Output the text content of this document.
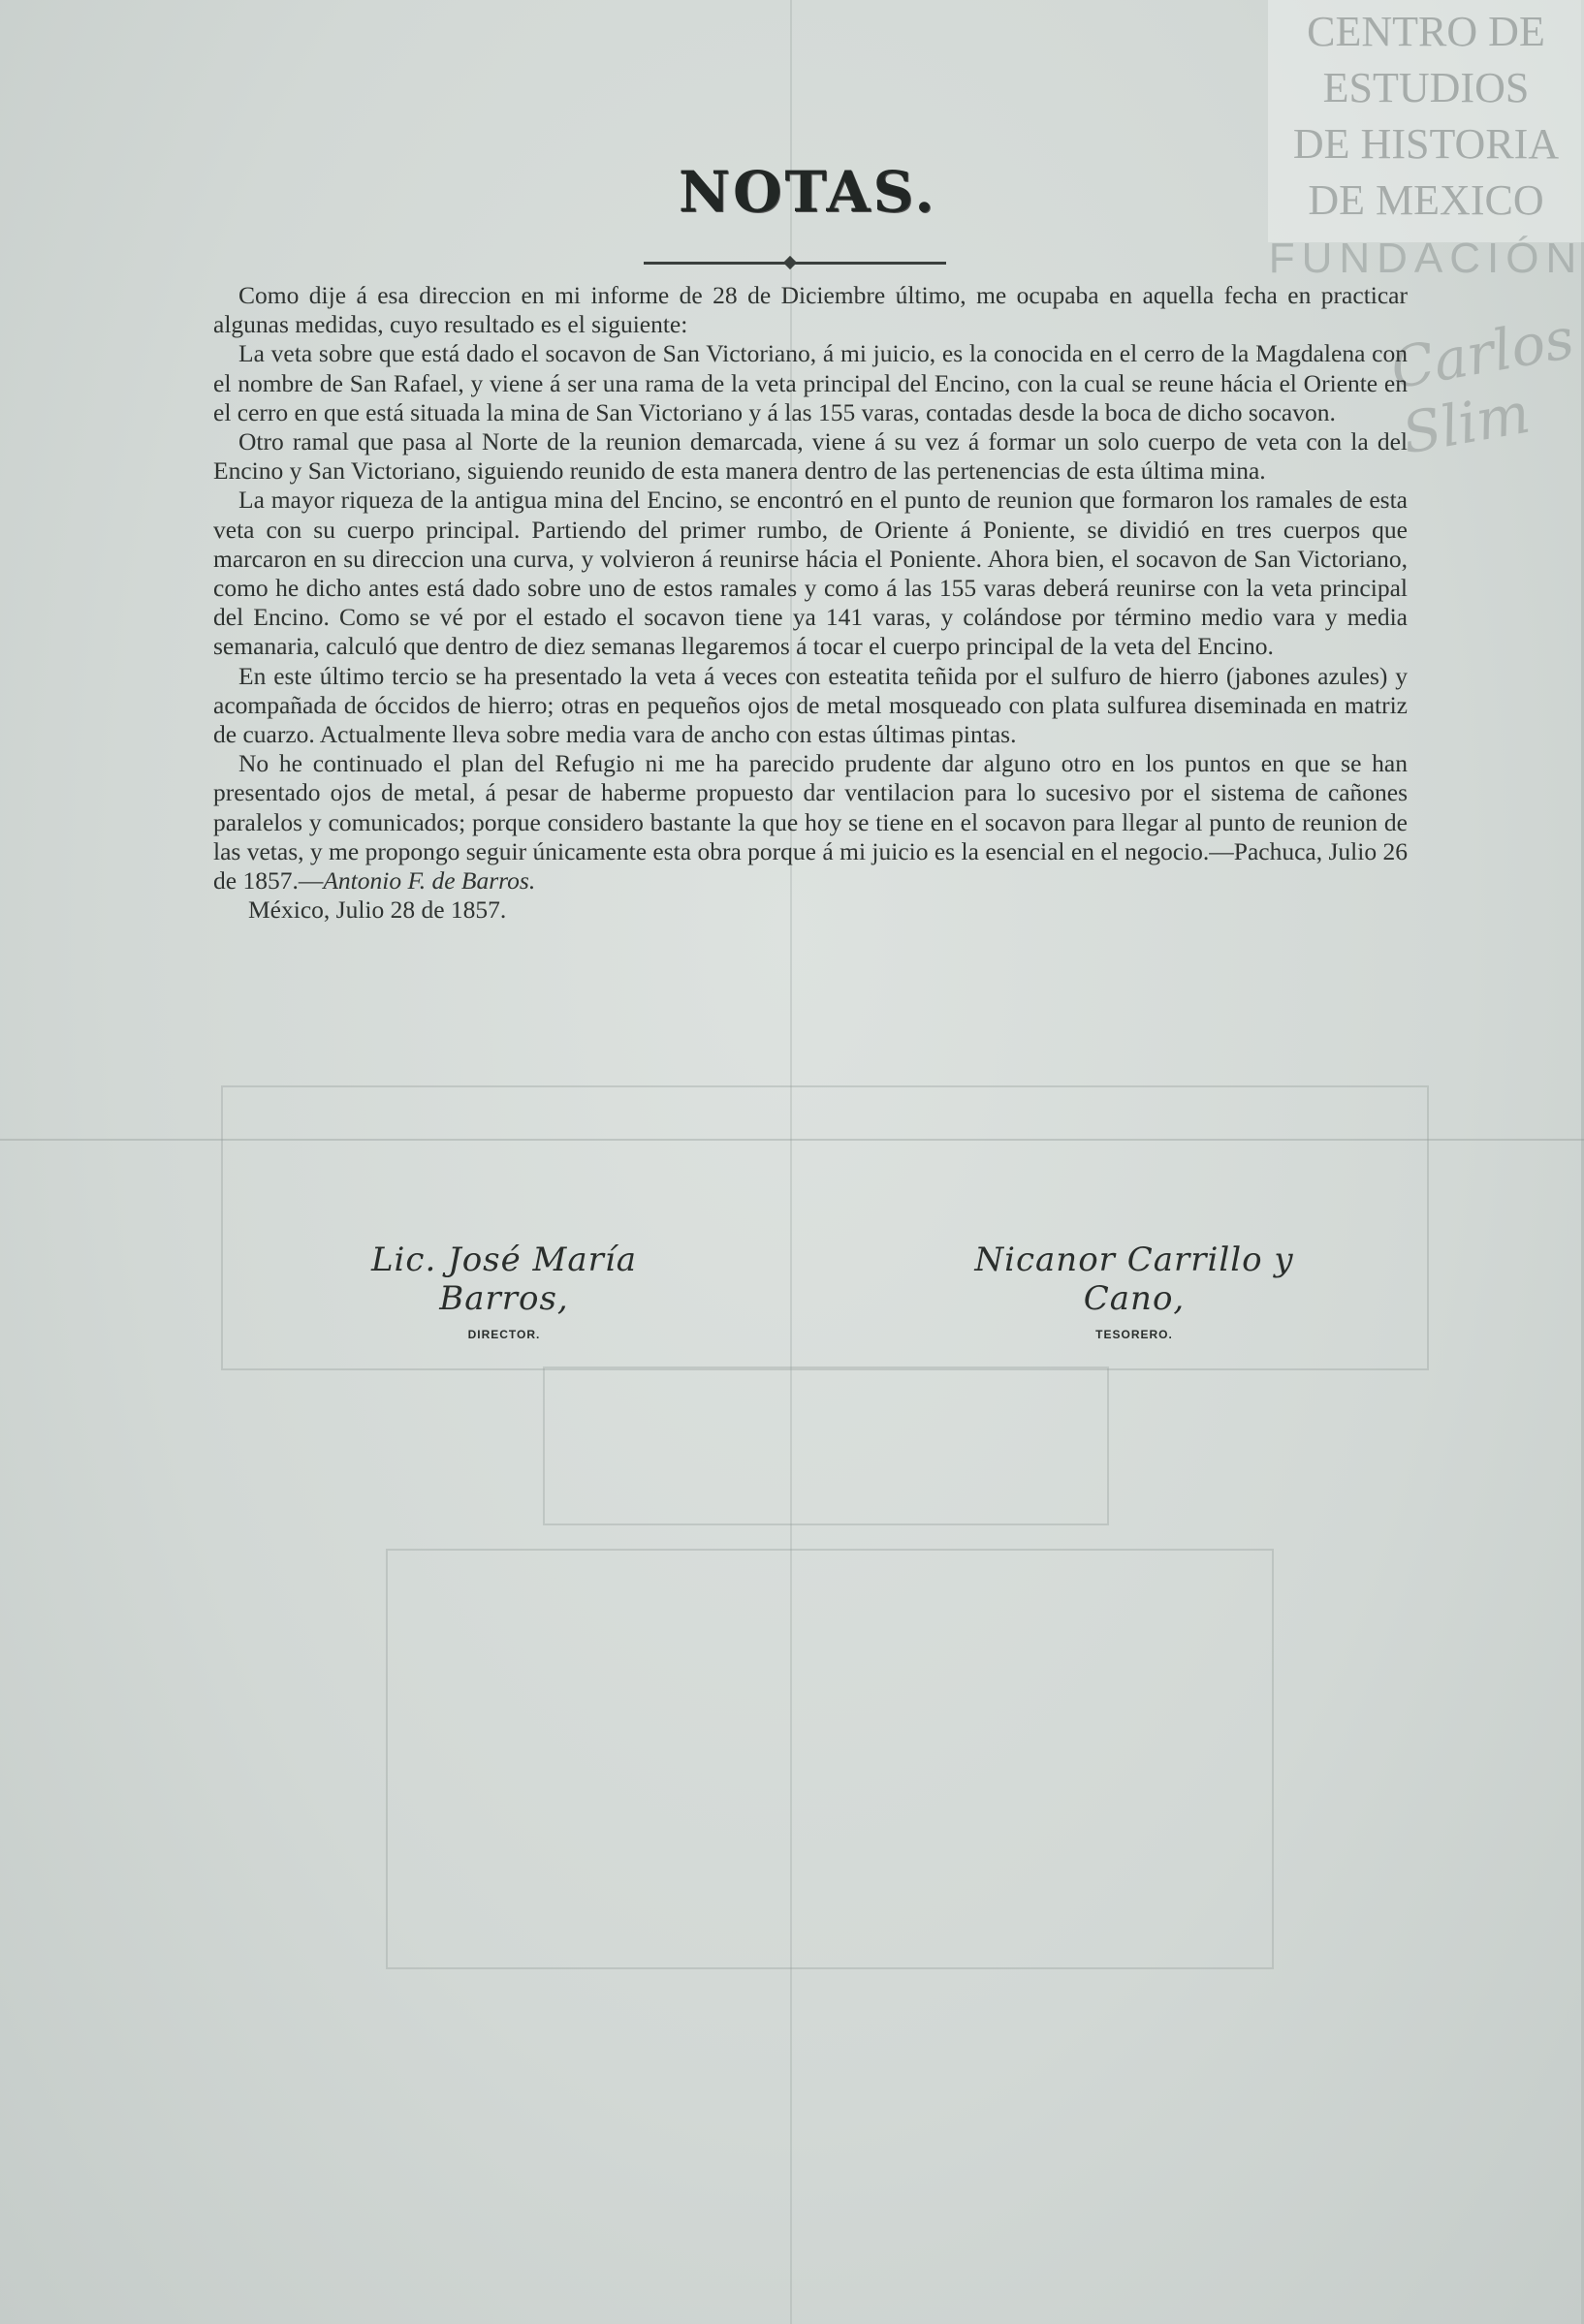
CENTRO DE
ESTUDIOS
DE HISTORIA
DE MEXICO
FUNDACIÓN
Carlos Slim
NOTAS.

Como dije á esa direccion en mi informe de 28 de Diciembre último, me ocupaba en aquella fecha en practicar algunas medidas, cuyo resultado es el siguiente:

La veta sobre que está dado el socavon de San Victoriano, á mi juicio, es la conocida en el cerro de la Magdalena con el nombre de San Rafael, y viene á ser una rama de la veta principal del Encino, con la cual se reune hácia el Oriente en el cerro en que está situada la mina de San Victoriano y á las 155 varas, contadas desde la boca de dicho socavon.

Otro ramal que pasa al Norte de la reunion demarcada, viene á su vez á formar un solo cuerpo de veta con la del Encino y San Victoriano, siguiendo reunido de esta manera dentro de las pertenencias de esta última mina.

La mayor riqueza de la antigua mina del Encino, se encontró en el punto de reunion que formaron los ramales de esta veta con su cuerpo principal. Partiendo del primer rumbo, de Oriente á Poniente, se dividió en tres cuerpos que marcaron en su direccion una curva, y volvieron á reunirse hácia el Poniente. Ahora bien, el socavon de San Victoriano, como he dicho antes está dado sobre uno de estos ramales y como á las 155 varas deberá reunirse con la veta principal del Encino. Como se vé por el estado el socavon tiene ya 141 varas, y colándose por término medio vara y media semanaria, calculó que dentro de diez semanas llegaremos á tocar el cuerpo principal de la veta del Encino.

En este último tercio se ha presentado la veta á veces con esteatita teñida por el sulfuro de hierro (jabones azules) y acompañada de óccidos de hierro; otras en pequeños ojos de metal mosqueado con plata sulfurea diseminada en matriz de cuarzo. Actualmente lleva sobre media vara de ancho con estas últimas pintas.

No he continuado el plan del Refugio ni me ha parecido prudente dar alguno otro en los puntos en que se han presentado ojos de metal, á pesar de haberme propuesto dar ventilacion para lo sucesivo por el sistema de cañones paralelos y comunicados; porque considero bastante la que hoy se tiene en el socavon para llegar al punto de reunion de las vetas, y me propongo seguir únicamente esta obra porque á mi juicio es la esencial en el negocio.—Pachuca, Julio 26 de 1857.—Antonio F. de Barros.

México, Julio 28 de 1857.

Lic. José María Barros,
DIRECTOR.
Nicanor Carrillo y Cano,
TESORERO.
